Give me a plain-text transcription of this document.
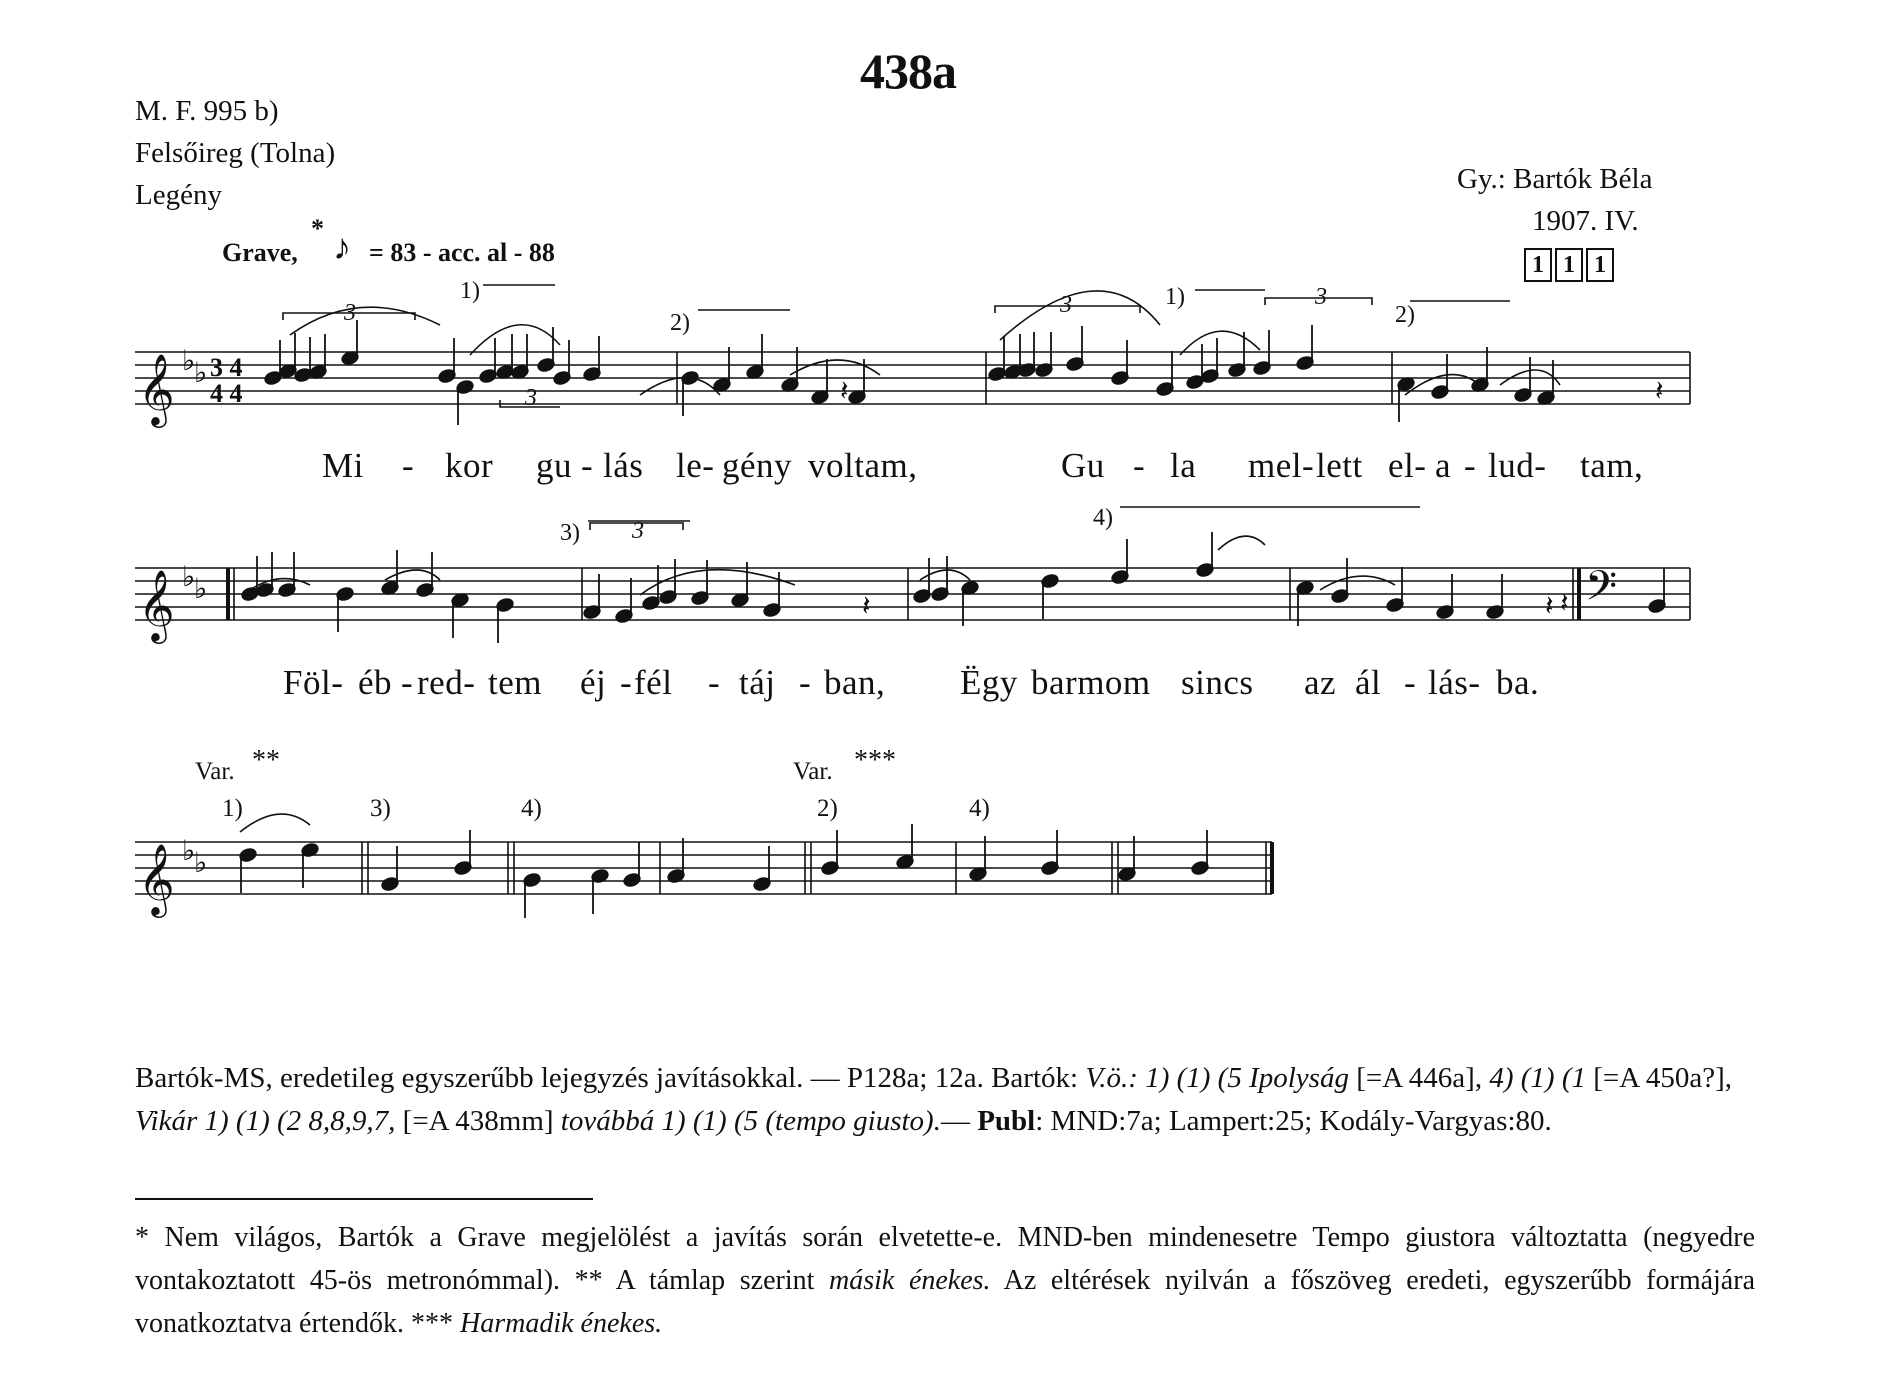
438a
M. F. 995 b)
Felsőireg (Tolna)
Legény	Gy.: Bartók Béla
1907. IV.
1 1 1
Grave,
* ♪ = 83 - acc. al - 88
𝄞
𝄞
𝄞
𝄢
♭
♭
♭
♭
♭
♭
𝄽	𝄽
𝄽	𝄽 𝄽
3
3
3	3
3
1)
2)
1)
2)
3)
4)
3 4
4 4
Mi - kor gu - lás le- gény voltam,	Gu - la mel- lett el- a - lud- tam,
Föl- éb - red- tem éj - fél - táj - ban, Ëgy barmom sincs az ál - lás- ba.
Var. **
1)	3)	4)
Var. ***
2)	4)
Bartók-MS, eredetileg egyszerűbb lejegyzés javításokkal. — P128a; 12a. Bartók: V.ö.: 1) (1) (5 Ipolyság [=A 446a], 4) (1) (1 [=A 450a?], Vikár 1) (1) (2 8,8,9,7, [=A 438mm] továbbá 1) (1) (5 (tempo giusto).— Publ: MND:7a; Lampert:25; Kodály-Vargyas:80.
* Nem világos, Bartók a Grave megjelölést a javítás során elvetette-e. MND-ben mindenesetre Tempo giustora változtatta (negyedre vontakoztatott 45-ös metronómmal). ** A támlap szerint másik énekes. Az eltérések nyilván a főszöveg eredeti, egyszerűbb formájára vonatkoztatva értendők. *** Harmadik énekes.
